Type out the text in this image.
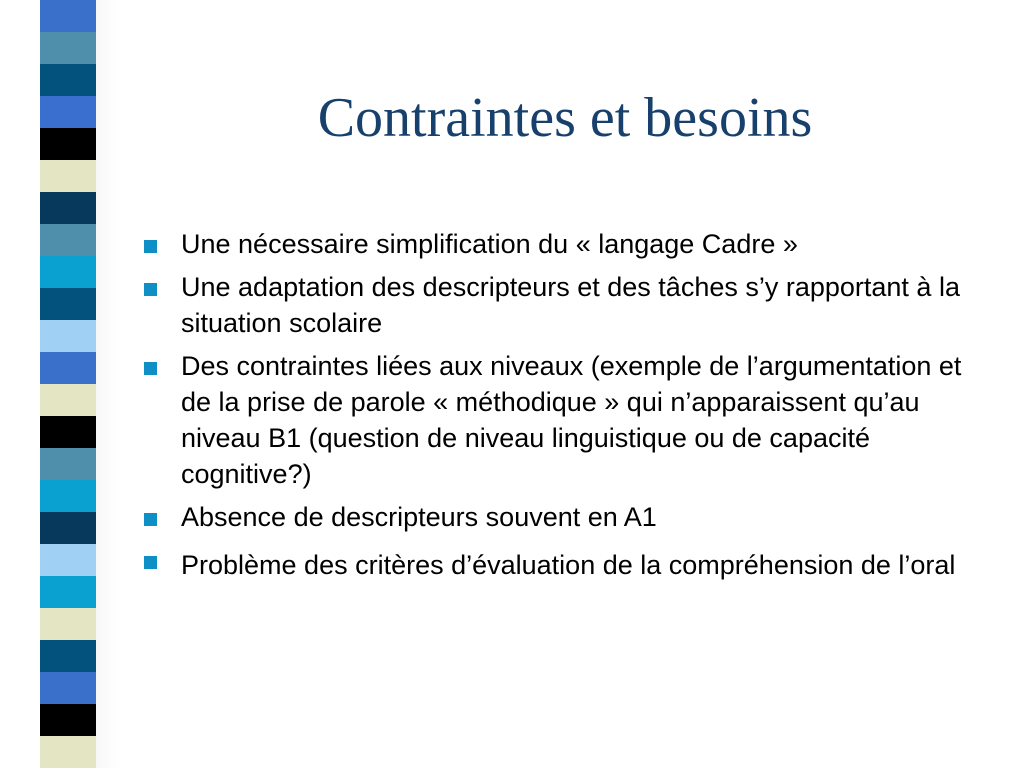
Contraintes et besoins
Une nécessaire simplification du « langage Cadre »
Une adaptation des descripteurs et des tâches s’y rapportant à la situation scolaire
Des contraintes liées aux niveaux (exemple de l’argumentation et de la prise de parole « méthodique » qui n’apparaissent qu’au niveau B1 (question de niveau linguistique ou de capacité cognitive?)
Absence de descripteurs souvent en A1
Problème des critères d’évaluation de la compréhension de l’oral
